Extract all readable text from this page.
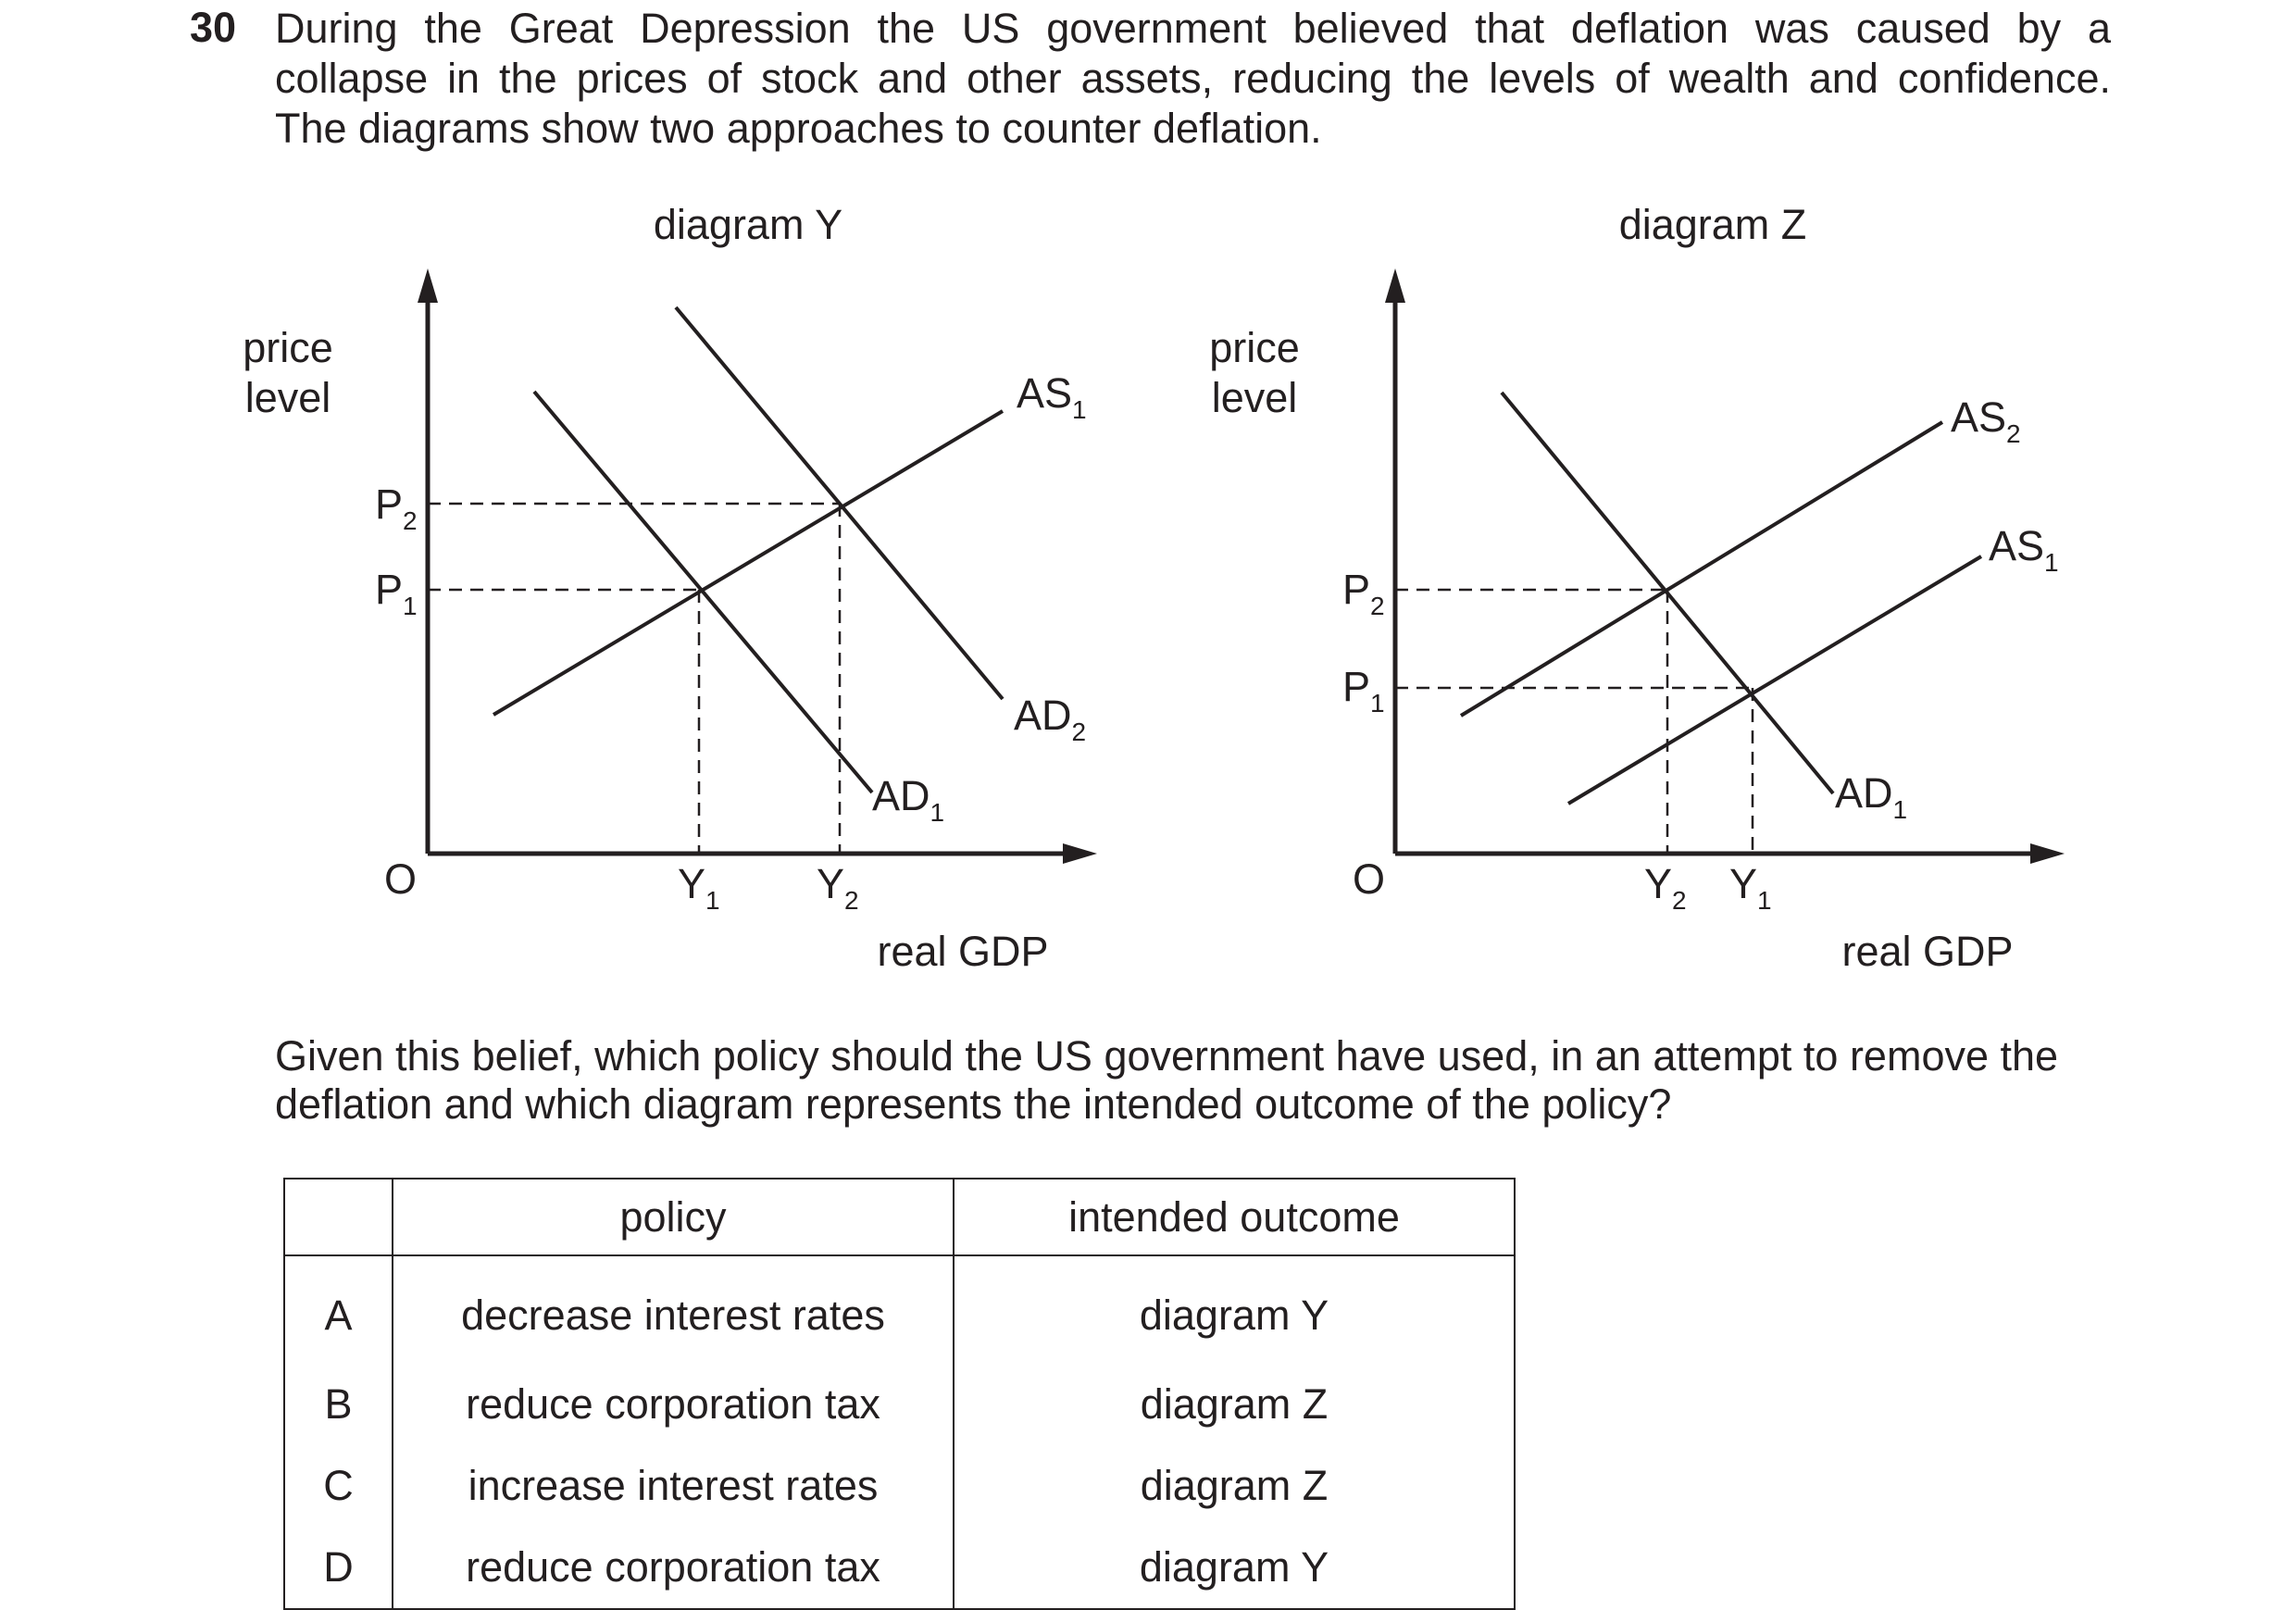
30 During the Great Depression the US government believed that deflation was caused by a
collapse in the prices of stock and other assets, reducing the levels of wealth and confidence.
The diagrams show two approaches to counter deflation.
diagram Y
price
level
$P_2$
$P_1$
O	$Y_1$ $Y_2$
$AS_1$
$AD_2$
$AD_1$
real GDP
diagram Z
price
level
$P_2$
$P_1$
O	$Y_2$ $Y_1$
$AS_2$
$AS_1$
$AD_1$
real GDP
Given this belief, which policy should the US government have used, in an attempt to remove the
deflation and which diagram represents the intended outcome of the policy?
	policy	intended outcome
A	decrease interest rates	diagram Y
B	reduce corporation tax	diagram Z
C	increase interest rates	diagram Z
D	reduce corporation tax	diagram Y
